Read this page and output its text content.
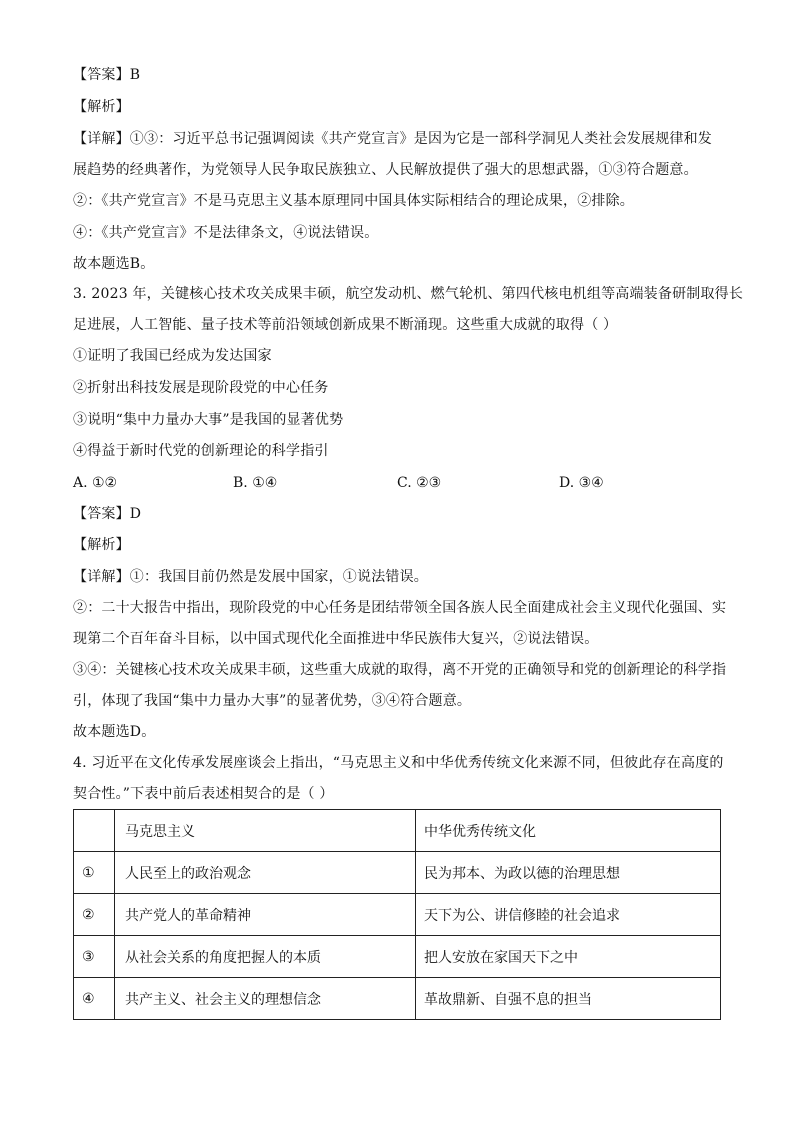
【答案】B
【解析】
【详解】①③：习近平总书记强调阅读《共产党宣言》是因为它是一部科学洞见人类社会发展规律和发
展趋势的经典著作，为党领导人民争取民族独立、人民解放提供了强大的思想武器，①③符合题意。
②：《共产党宣言》不是马克思主义基本原理同中国具体实际相结合的理论成果，②排除。
④：《共产党宣言》不是法律条文，④说法错误。
故本题选B。
3. 2023 年，关键核心技术攻关成果丰硕，航空发动机、燃气轮机、第四代核电机组等高端装备研制取得长
足进展，人工智能、量子技术等前沿领域创新成果不断涌现。这些重大成就的取得（ ）
①证明了我国已经成为发达国家
②折射出科技发展是现阶段党的中心任务
③说明“集中力量办大事”是我国的显著优势
④得益于新时代党的创新理论的科学指引
A. ①②	B. ①④	C. ②③	D. ③④
【答案】D
【解析】
【详解】①：我国目前仍然是发展中国家，①说法错误。
②：二十大报告中指出，现阶段党的中心任务是团结带领全国各族人民全面建成社会主义现代化强国、实
现第二个百年奋斗目标，以中国式现代化全面推进中华民族伟大复兴，②说法错误。
③④：关键核心技术攻关成果丰硕，这些重大成就的取得，离不开党的正确领导和党的创新理论的科学指
引，体现了我国“集中力量办大事”的显著优势，③④符合题意。
故本题选D。
4. 习近平在文化传承发展座谈会上指出，“马克思主义和中华优秀传统文化来源不同，但彼此存在高度的
契合性。”下表中前后表述相契合的是（ ）
	马克思主义	中华优秀传统文化
①	人民至上的政治观念	民为邦本、为政以德的治理思想
②	共产党人的革命精神	天下为公、讲信修睦的社会追求
③	从社会关系的角度把握人的本质	把人安放在家国天下之中
④	共产主义、社会主义的理想信念	革故鼎新、自强不息的担当
